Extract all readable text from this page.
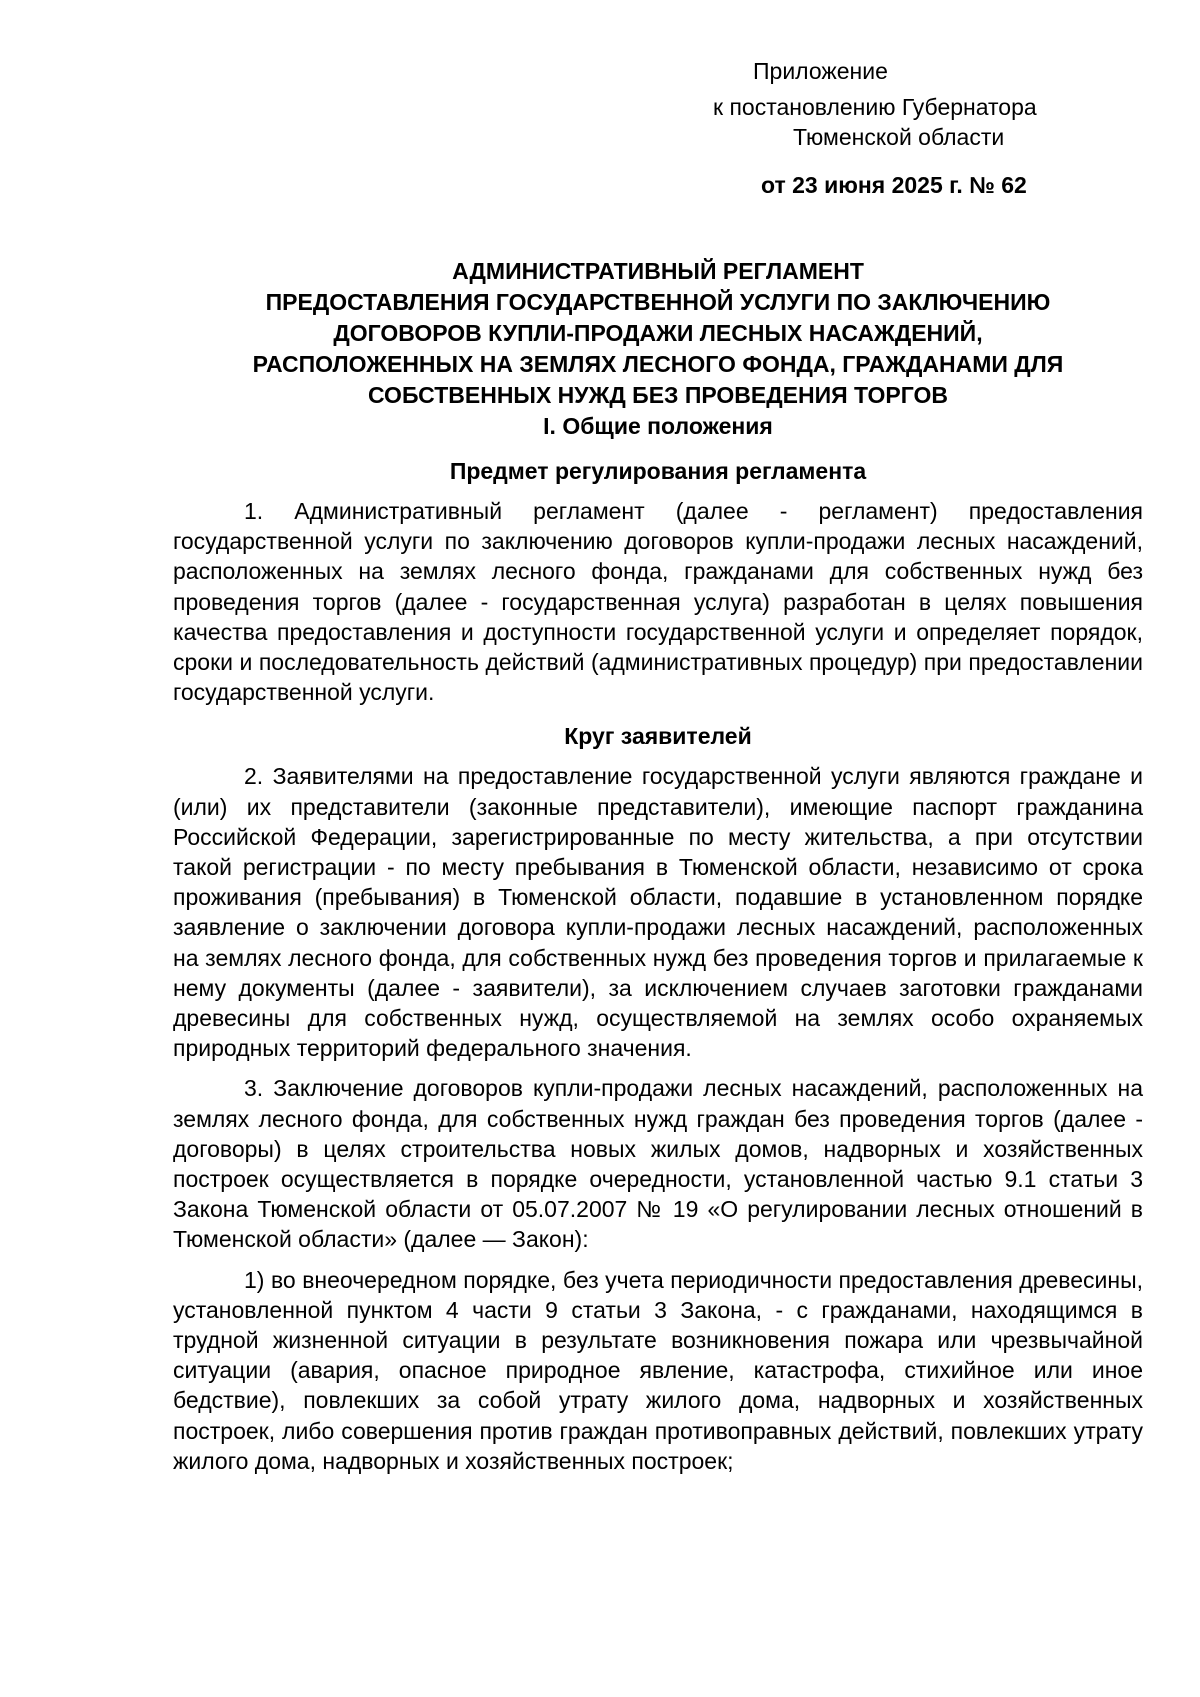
Приложение
к постановлению Губернатора
Тюменской области
от 23 июня 2025 г. № 62
АДМИНИСТРАТИВНЫЙ РЕГЛАМЕНТ
ПРЕДОСТАВЛЕНИЯ ГОСУДАРСТВЕННОЙ УСЛУГИ ПО ЗАКЛЮЧЕНИЮ
ДОГОВОРОВ КУПЛИ-ПРОДАЖИ ЛЕСНЫХ НАСАЖДЕНИЙ,
РАСПОЛОЖЕННЫХ НА ЗЕМЛЯХ ЛЕСНОГО ФОНДА, ГРАЖДАНАМИ ДЛЯ
СОБСТВЕННЫХ НУЖД БЕЗ ПРОВЕДЕНИЯ ТОРГОВ
I. Общие положения
Предмет регулирования регламента

1. Административный регламент (далее - регламент) предоставления государственной услуги по заключению договоров купли-продажи лесных насаждений, расположенных на землях лесного фонда, гражданами для собственных нужд без проведения торгов (далее - государственная услуга) разработан в целях повышения качества предоставления и доступности государственной услуги и определяет порядок, сроки и последовательность действий (административных процедур) при предоставлении государственной услуги.

Круг заявителей

2. Заявителями на предоставление государственной услуги являются граждане и (или) их представители (законные представители), имеющие паспорт гражданина Российской Федерации, зарегистрированные по месту жительства, а при отсутствии такой регистрации - по месту пребывания в Тюменской области, независимо от срока проживания (пребывания) в Тюменской области, подавшие в установленном порядке заявление о заключении договора купли-продажи лесных насаждений, расположенных на землях лесного фонда, для собственных нужд без проведения торгов и прилагаемые к нему документы (далее - заявители), за исключением случаев заготовки гражданами древесины для собственных нужд, осуществляемой на землях особо охраняемых природных территорий федерального значения.

3. Заключение договоров купли-продажи лесных насаждений, расположенных на землях лесного фонда, для собственных нужд граждан без проведения торгов (далее - договоры) в целях строительства новых жилых домов, надворных и хозяйственных построек осуществляется в порядке очередности, установленной частью 9.1 статьи 3 Закона Тюменской области от 05.07.2007 № 19 «О регулировании лесных отношений в Тюменской области» (далее — Закон):

1) во внеочередном порядке, без учета периодичности предоставления древесины, установленной пунктом 4 части 9 статьи 3 Закона, - с гражданами, находящимся в трудной жизненной ситуации в результате возникновения пожара или чрезвычайной ситуации (авария, опасное природное явление, катастрофа, стихийное или иное бедствие), повлекших за собой утрату жилого дома, надворных и хозяйственных построек, либо совершения против граждан противоправных действий, повлекших утрату жилого дома, надворных и хозяйственных построек;
